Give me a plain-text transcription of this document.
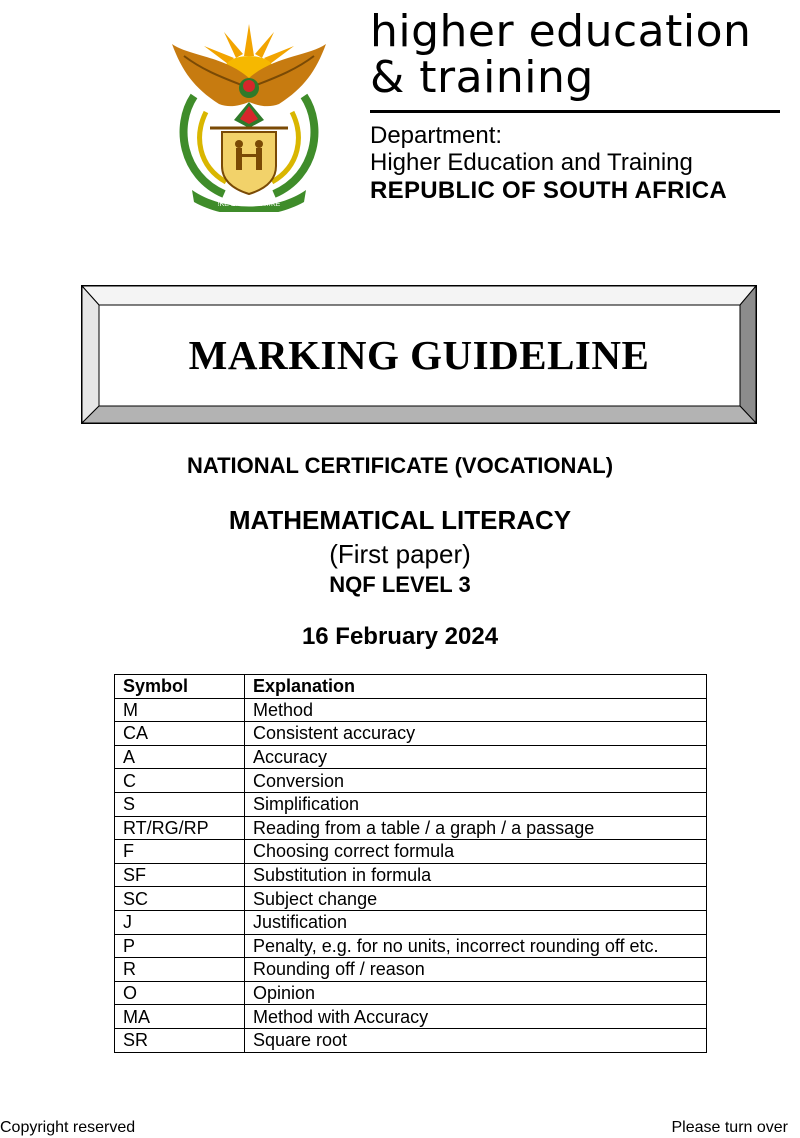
!KE E: /XARRA //KE
higher education
& training
Department:
Higher Education and Training
REPUBLIC OF SOUTH AFRICA
MARKING GUIDELINE
NATIONAL CERTIFICATE (VOCATIONAL)
MATHEMATICAL LITERACY
(First paper)
NQF LEVEL 3
16 February 2024
Symbol	Explanation
M	Method
CA	Consistent accuracy
A	Accuracy
C	Conversion
S	Simplification
RT/RG/RP	Reading from a table / a graph / a passage
F	Choosing correct formula
SF	Substitution in formula
SC	Subject change
J	Justification
P	Penalty, e.g. for no units, incorrect rounding off etc.
R	Rounding off / reason
O	Opinion
MA	Method with Accuracy
SR	Square root
Copyright reserved	Please turn over
